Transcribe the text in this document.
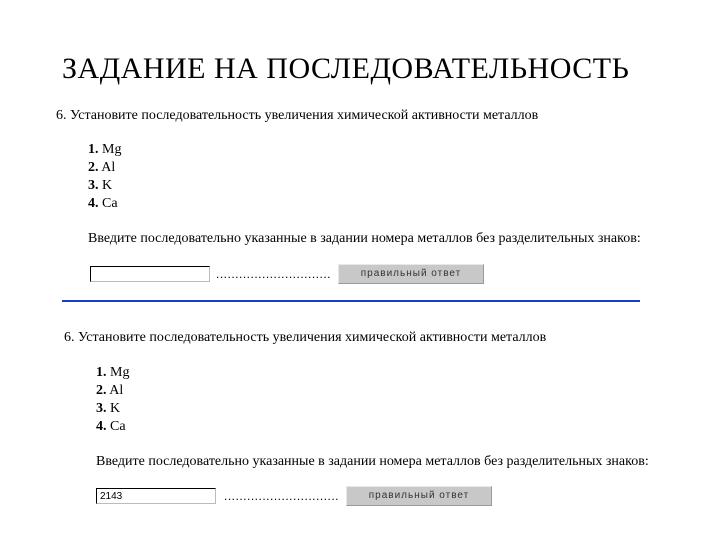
ЗАДАНИЕ НА ПОСЛЕДОВАТЕЛЬНОСТЬ
6. Установите последовательность увеличения химической активности металлов
1. Mg
2. Al
3. K
4. Ca
Введите последовательно указанные в задании номера металлов без разделительных знаков:
..............................	правильный ответ
6. Установите последовательность увеличения химической активности металлов
1. Mg
2. Al
3. K
4. Ca
Введите последовательно указанные в задании номера металлов без разделительных знаков:
2143
..............................	правильный ответ
